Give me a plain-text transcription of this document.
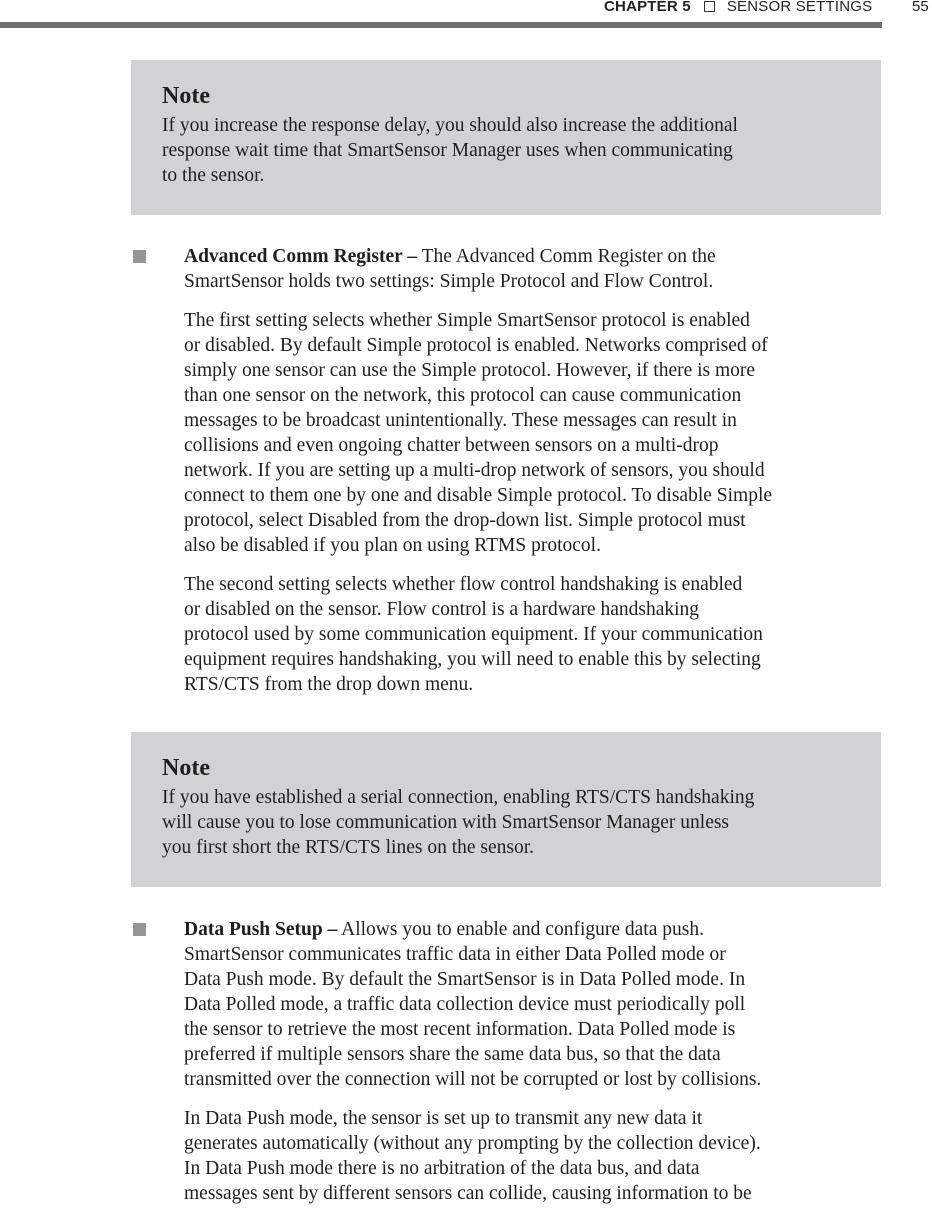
CHAPTER 5 SENSOR SETTINGS	55
Note
If you increase the response delay, you should also increase the additional
response wait time that SmartSensor Manager uses when communicating
to the sensor.
Advanced Comm Register – The Advanced Comm Register on the
SmartSensor holds two settings: Simple Protocol and Flow Control.
The first setting selects whether Simple SmartSensor protocol is enabled
or disabled. By default Simple protocol is enabled. Networks comprised of
simply one sensor can use the Simple protocol. However, if there is more
than one sensor on the network, this protocol can cause communication
messages to be broadcast unintentionally. These messages can result in
collisions and even ongoing chatter between sensors on a multi-drop
network. If you are setting up a multi-drop network of sensors, you should
connect to them one by one and disable Simple protocol. To disable Simple
protocol, select Disabled from the drop-down list. Simple protocol must
also be disabled if you plan on using RTMS protocol.
The second setting selects whether flow control handshaking is enabled
or disabled on the sensor. Flow control is a hardware handshaking
protocol used by some communication equipment. If your communication
equipment requires handshaking, you will need to enable this by selecting
RTS/CTS from the drop down menu.
Note
If you have established a serial connection, enabling RTS/CTS handshaking
will cause you to lose communication with SmartSensor Manager unless
you first short the RTS/CTS lines on the sensor.
Data Push Setup – Allows you to enable and configure data push.
SmartSensor communicates traffic data in either Data Polled mode or
Data Push mode. By default the SmartSensor is in Data Polled mode. In
Data Polled mode, a traffic data collection device must periodically poll
the sensor to retrieve the most recent information. Data Polled mode is
preferred if multiple sensors share the same data bus, so that the data
transmitted over the connection will not be corrupted or lost by collisions.
In Data Push mode, the sensor is set up to transmit any new data it
generates automatically (without any prompting by the collection device).
In Data Push mode there is no arbitration of the data bus, and data
messages sent by different sensors can collide, causing information to be
